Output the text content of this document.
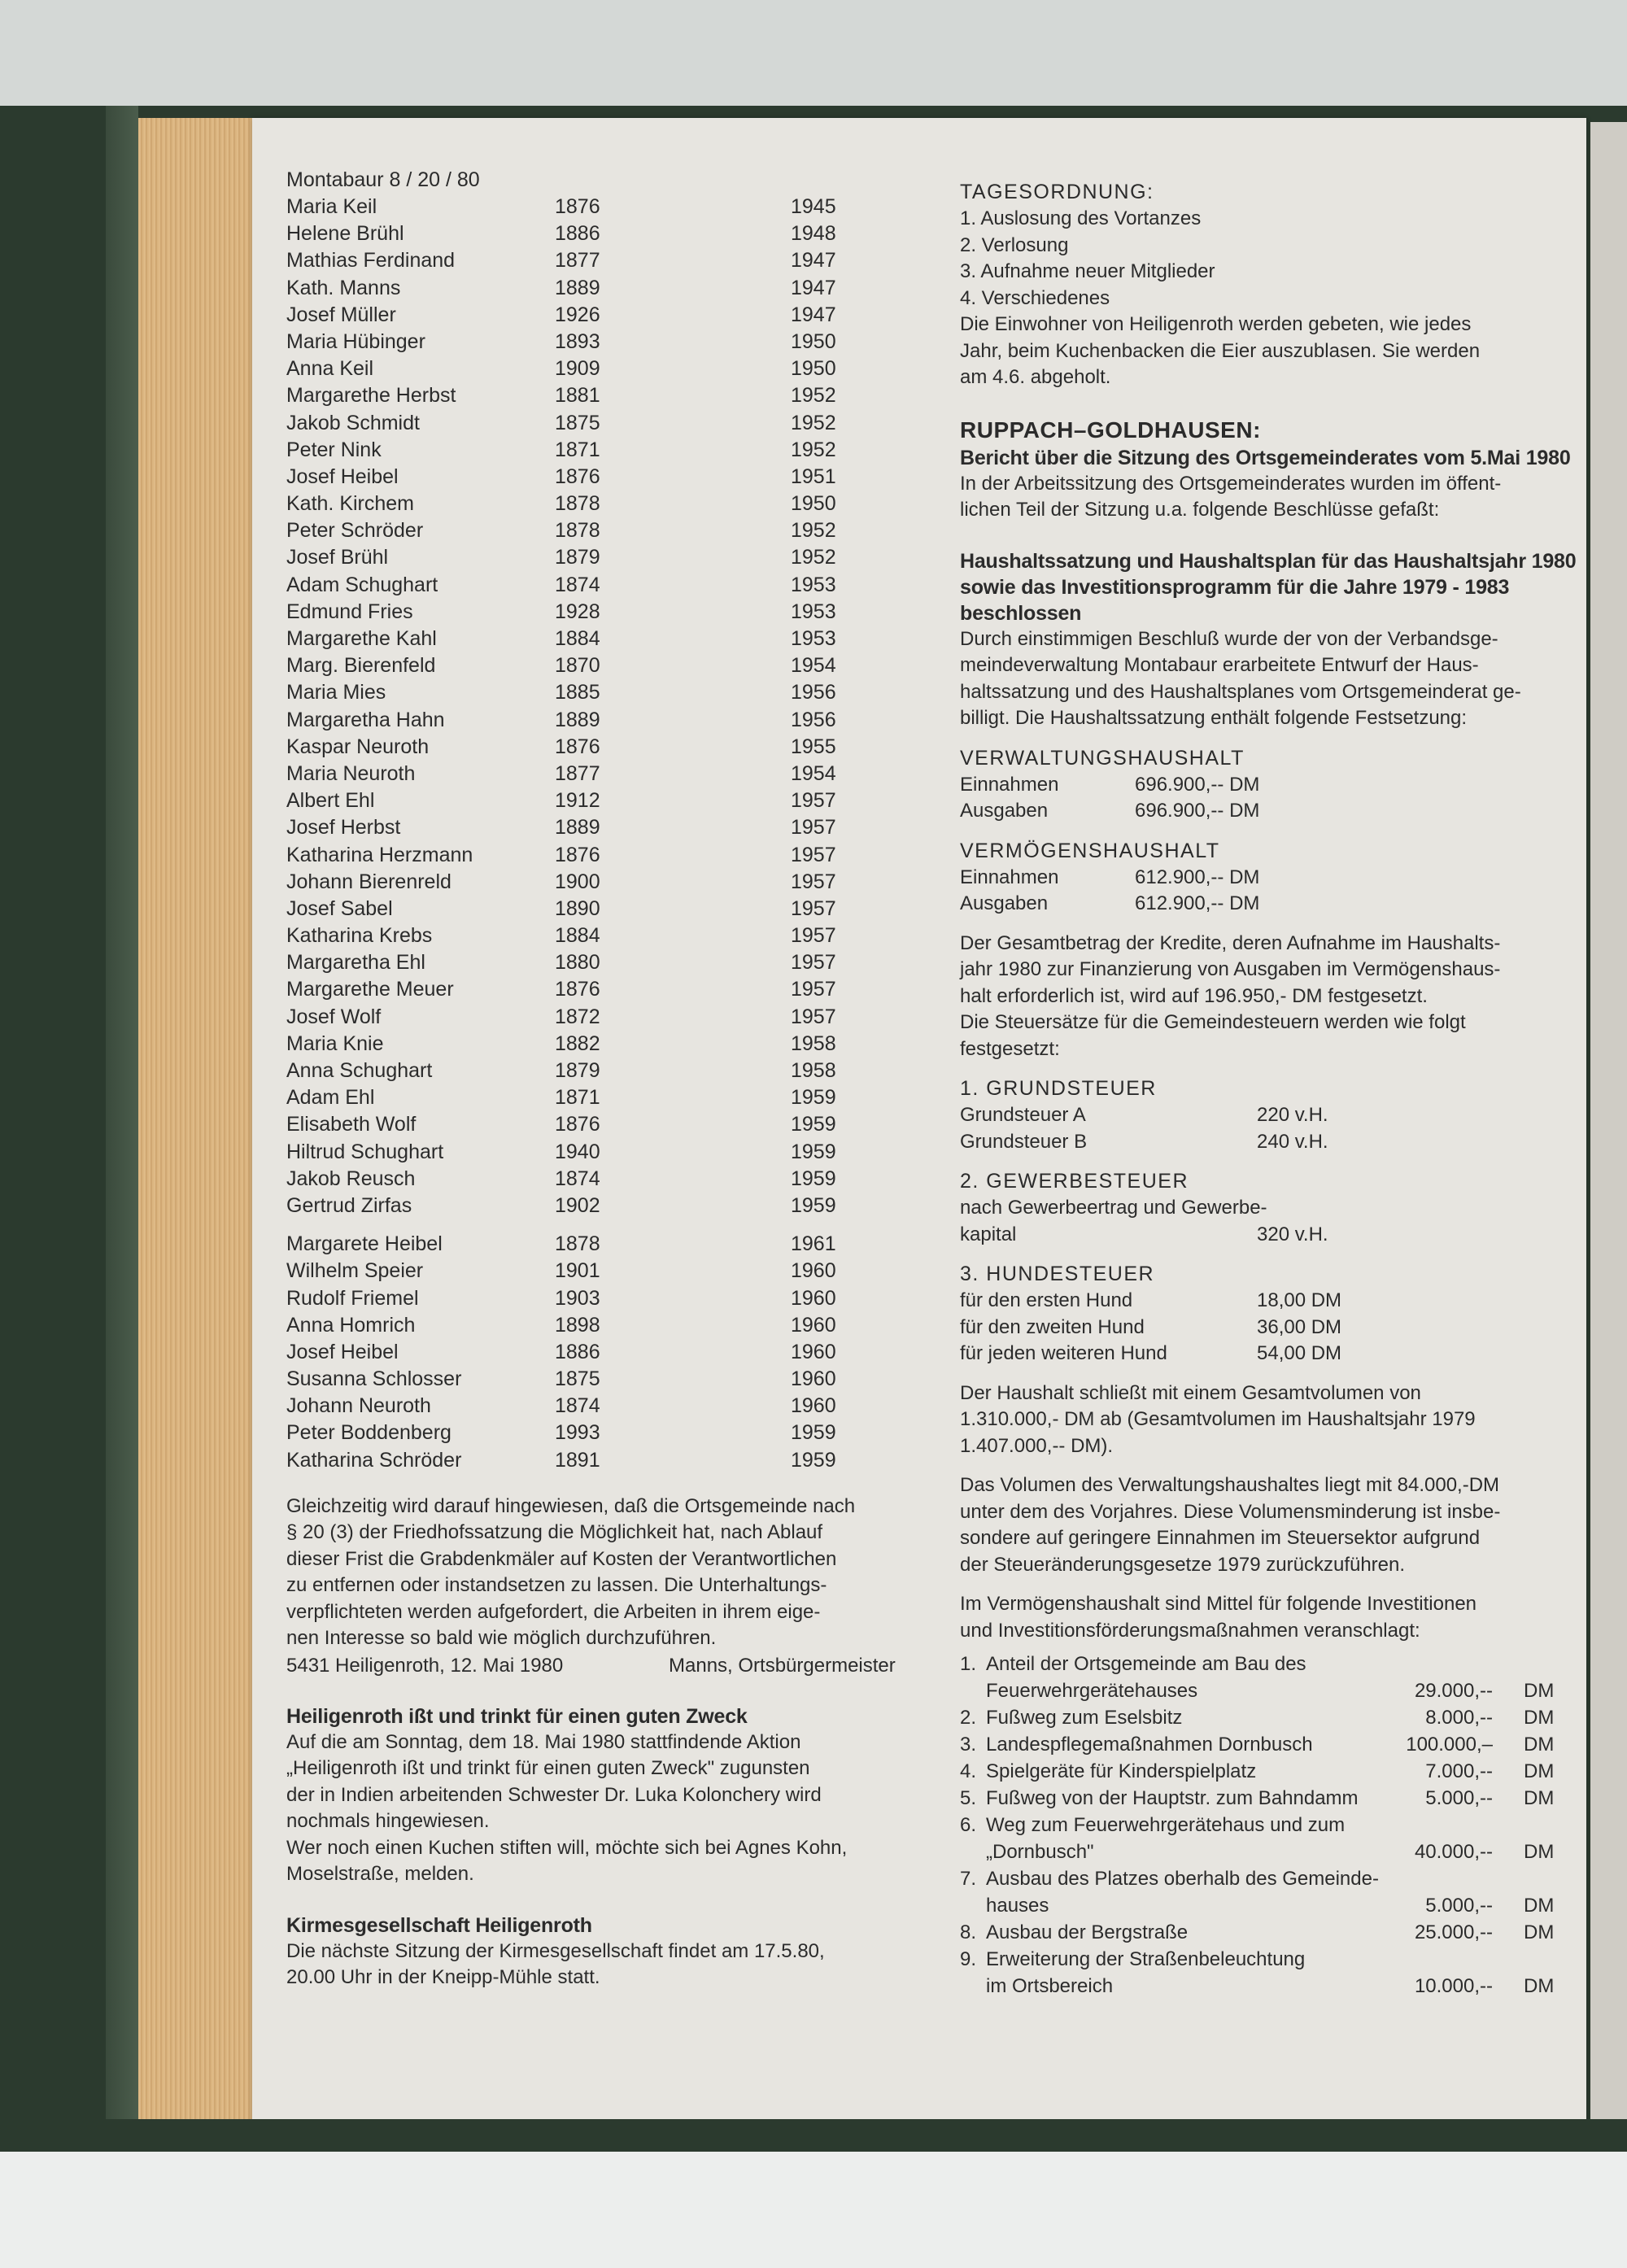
Montabaur 8 / 20 / 80
Maria Keil	1876	1945
Helene Brühl	1886	1948
Mathias Ferdinand	1877	1947
Kath. Manns	1889	1947
Josef Müller	1926	1947
Maria Hübinger	1893	1950
Anna Keil	1909	1950
Margarethe Herbst	1881	1952
Jakob Schmidt	1875	1952
Peter Nink	1871	1952
Josef Heibel	1876	1951
Kath. Kirchem	1878	1950
Peter Schröder	1878	1952
Josef Brühl	1879	1952
Adam Schughart	1874	1953
Edmund Fries	1928	1953
Margarethe Kahl	1884	1953
Marg. Bierenfeld	1870	1954
Maria Mies	1885	1956
Margaretha Hahn	1889	1956
Kaspar Neuroth	1876	1955
Maria Neuroth	1877	1954
Albert Ehl	1912	1957
Josef Herbst	1889	1957
Katharina Herzmann	1876	1957
Johann Bierenreld	1900	1957
Josef Sabel	1890	1957
Katharina Krebs	1884	1957
Margaretha Ehl	1880	1957
Margarethe Meuer	1876	1957
Josef Wolf	1872	1957
Maria Knie	1882	1958
Anna Schughart	1879	1958
Adam Ehl	1871	1959
Elisabeth Wolf	1876	1959
Hiltrud Schughart	1940	1959
Jakob Reusch	1874	1959
Gertrud Zirfas	1902	1959
Margarete Heibel	1878	1961
Wilhelm Speier	1901	1960
Rudolf Friemel	1903	1960
Anna Homrich	1898	1960
Josef Heibel	1886	1960
Susanna Schlosser	1875	1960
Johann Neuroth	1874	1960
Peter Boddenberg	1993	1959
Katharina Schröder	1891	1959

Gleichzeitig wird darauf hingewiesen, daß die Ortsgemeinde nach

§ 20 (3) der Friedhofssatzung die Möglichkeit hat, nach Ablauf

dieser Frist die Grabdenkmäler auf Kosten der Verantwortlichen

zu entfernen oder instandsetzen zu lassen. Die Unterhaltungs-

verpflichteten werden aufgefordert, die Arbeiten in ihrem eige-

nen Interesse so bald wie möglich durchzuführen.

5431 Heiligenroth, 12. Mai 1980	Manns, Ortsbürgermeister

Heiligenroth ißt und trinkt für einen guten Zweck

Auf die am Sonntag, dem 18. Mai 1980 stattfindende Aktion

„Heiligenroth ißt und trinkt für einen guten Zweck" zugunsten

der in Indien arbeitenden Schwester Dr. Luka Kolonchery wird

nochmals hingewiesen.

Wer noch einen Kuchen stiften will, möchte sich bei Agnes Kohn,

Moselstraße, melden.

Kirmesgesellschaft Heiligenroth

Die nächste Sitzung der Kirmesgesellschaft findet am 17.5.80,

20.00 Uhr in der Kneipp-Mühle statt.

TAGESORDNUNG:

1. Auslosung des Vortanzes

2. Verlosung

3. Aufnahme neuer Mitglieder

4. Verschiedenes

Die Einwohner von Heiligenroth werden gebeten, wie jedes

Jahr, beim Kuchenbacken die Eier auszublasen. Sie werden

am 4.6. abgeholt.

RUPPACH–GOLDHAUSEN:

Bericht über die Sitzung des Ortsgemeinderates vom 5.Mai 1980

In der Arbeitssitzung des Ortsgemeinderates wurden im öffent-

lichen Teil der Sitzung u.a. folgende Beschlüsse gefaßt:

Haushaltssatzung und Haushaltsplan für das Haushaltsjahr 1980

sowie das Investitionsprogramm für die Jahre 1979 - 1983

beschlossen

Durch einstimmigen Beschluß wurde der von der Verbandsge-

meindeverwaltung Montabaur erarbeitete Entwurf der Haus-

haltssatzung und des Haushaltsplanes vom Ortsgemeinderat ge-

billigt. Die Haushaltssatzung enthält folgende Festsetzung:

VERWALTUNGSHAUSHALT

Einnahmen	696.900,-- DM
Ausgaben	696.900,-- DM

VERMÖGENSHAUSHALT

Einnahmen	612.900,-- DM
Ausgaben	612.900,-- DM

Der Gesamtbetrag der Kredite, deren Aufnahme im Haushalts-

jahr 1980 zur Finanzierung von Ausgaben im Vermögenshaus-

halt erforderlich ist, wird auf 196.950,- DM festgesetzt.

Die Steuersätze für die Gemeindesteuern werden wie folgt

festgesetzt:

1. GRUNDSTEUER

Grundsteuer A	220 v.H.
Grundsteuer B	240 v.H.

2. GEWERBESTEUER

nach Gewerbeertrag und Gewerbe-

kapital	320 v.H.

3. HUNDESTEUER

für den ersten Hund	18,00 DM
für den zweiten Hund	36,00 DM
für jeden weiteren Hund	54,00 DM

Der Haushalt schließt mit einem Gesamtvolumen von

1.310.000,- DM ab (Gesamtvolumen im Haushaltsjahr 1979

1.407.000,-- DM).

Das Volumen des Verwaltungshaushaltes liegt mit 84.000,-DM

unter dem des Vorjahres. Diese Volumensminderung ist insbe-

sondere auf geringere Einnahmen im Steuersektor aufgrund

der Steueränderungsgesetze 1979 zurückzuführen.

Im Vermögenshaushalt sind Mittel für folgende Investitionen

und Investitionsförderungsmaßnahmen veranschlagt:

1. Anteil der Ortsgemeinde am Bau des
Feuerwehrgerätehauses	29.000,-- DM
2. Fußweg zum Eselsbitz	8.000,-- DM
3. Landespflegemaßnahmen Dornbusch	100.000,– DM
4. Spielgeräte für Kinderspielplatz	7.000,-- DM
5. Fußweg von der Hauptstr. zum Bahndamm	5.000,-- DM
6. Weg zum Feuerwehrgerätehaus und zum
„Dornbusch"	40.000,-- DM
7. Ausbau des Platzes oberhalb des Gemeinde-
hauses	5.000,-- DM
8. Ausbau der Bergstraße	25.000,-- DM
9. Erweiterung der Straßenbeleuchtung
im Ortsbereich	10.000,-- DM
